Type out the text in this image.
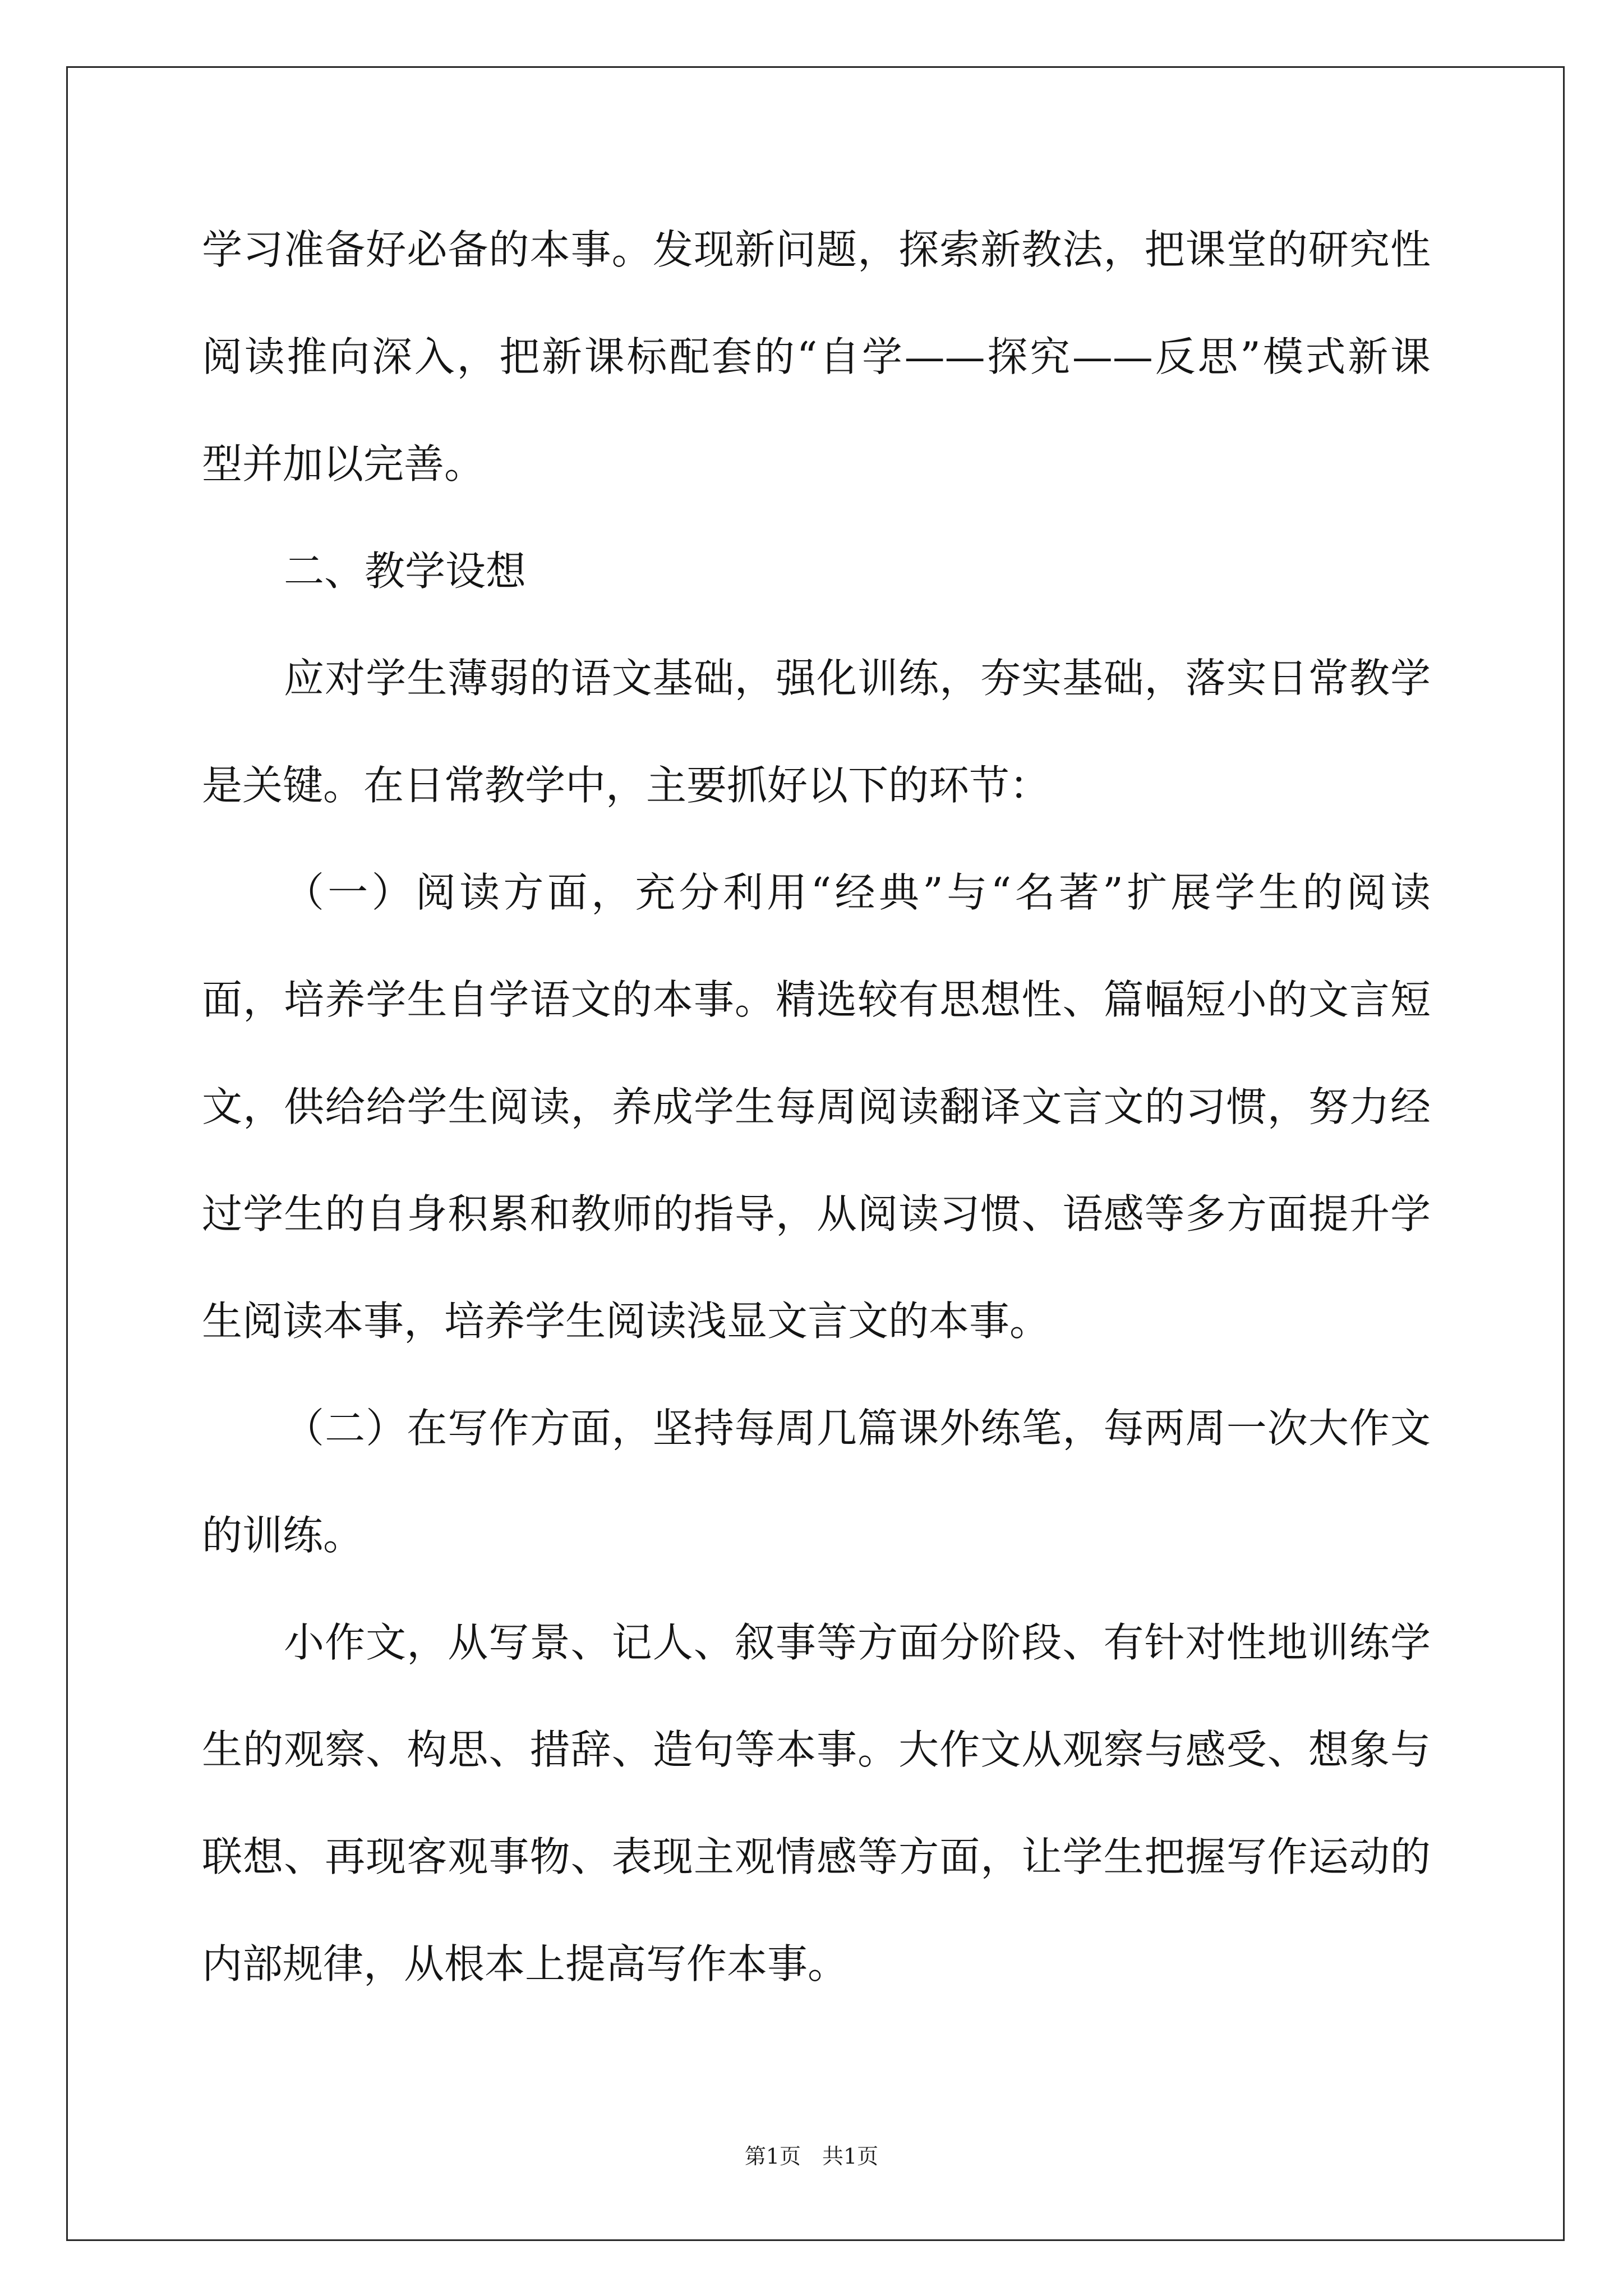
学习准备好必备的本事。发现新问题，探索新教法，把课堂的研究性
阅读推向深入，把新课标配套的“自学——探究——反思”模式新课
型并加以完善。
二、教学设想
应对学生薄弱的语文基础，强化训练，夯实基础，落实日常教学
是关键。在日常教学中，主要抓好以下的环节：
（一）阅读方面，充分利用“经典”与“名著”扩展学生的阅读
面，培养学生自学语文的本事。精选较有思想性、篇幅短小的文言短
文，供给给学生阅读，养成学生每周阅读翻译文言文的习惯，努力经
过学生的自身积累和教师的指导，从阅读习惯、语感等多方面提升学
生阅读本事，培养学生阅读浅显文言文的本事。
（二）在写作方面，坚持每周几篇课外练笔，每两周一次大作文
的训练。
小作文，从写景、记人、叙事等方面分阶段、有针对性地训练学
生的观察、构思、措辞、造句等本事。大作文从观察与感受、想象与
联想、再现客观事物、表现主观情感等方面，让学生把握写作运动的
内部规律，从根本上提高写作本事。
第1页　共1页
